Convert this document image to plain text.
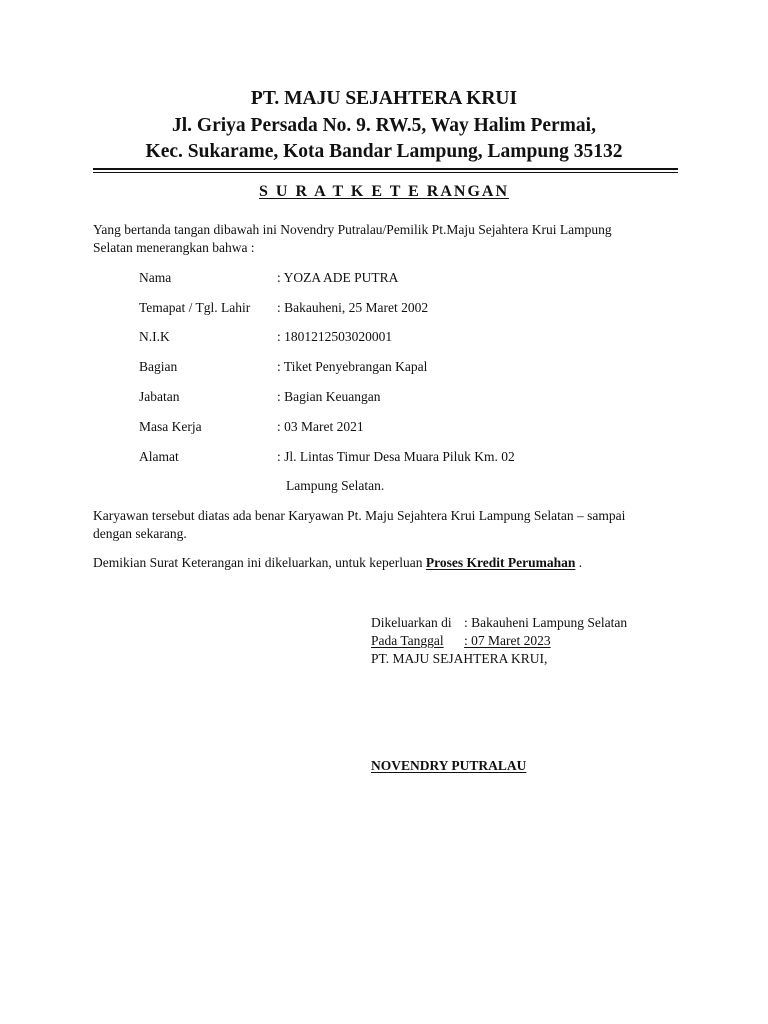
PT. MAJU SEJAHTERA KRUI
Jl. Griya Persada No. 9. RW.5, Way Halim Permai,
Kec. Sukarame, Kota Bandar Lampung, Lampung 35132
S U R A T K E T E RANGAN
Yang bertanda tangan dibawah ini Novendry Putralau/Pemilik Pt.Maju Sejahtera Krui Lampung
Selatan menerangkan bahwa :
Nama	: YOZA ADE PUTRA
Temapat / Tgl. Lahir : Bakauheni, 25 Maret 2002
N.I.K	: 1801212503020001
Bagian	: Tiket Penyebrangan Kapal
Jabatan	: Bagian Keuangan
Masa Kerja	: 03 Maret 2021
Alamat	: Jl. Lintas Timur Desa Muara Piluk Km. 02
Lampung Selatan.
Karyawan tersebut diatas ada benar Karyawan Pt. Maju Sejahtera Krui Lampung Selatan – sampai
dengan sekarang.
Demikian Surat Keterangan ini dikeluarkan, untuk keperluan Proses Kredit Perumahan .
Dikeluarkan di : Bakauheni Lampung Selatan
Pada Tanggal	: 07 Maret 2023
PT. MAJU SEJAHTERA KRUI,
NOVENDRY PUTRALAU
